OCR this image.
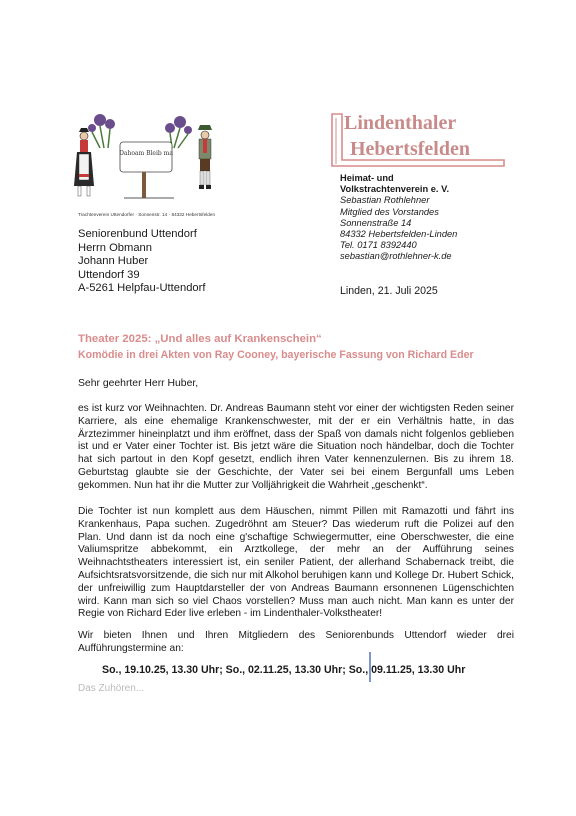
Dahoam Bleib ma
Trachtenverein Uttendorfer · Sonnenstr. 14 · 84332 Hebertsfelden
Seniorenbund Uttendorf
Herrn Obmann
Johann Huber
Uttendorf 39
A-5261 Helpfau-Uttendorf
Lindenthaler
Hebertsfelden
Heimat- und
Volkstrachtenverein e. V.
Sebastian Rothlehner
Mitglied des Vorstandes
Sonnenstraße 14
84332 Hebertsfelden-Linden
Tel. 0171 8392440
sebastian@rothlehner-k.de
Linden, 21. Juli 2025
Theater 2025: „Und alles auf Krankenschein“
Komödie in drei Akten von Ray Cooney, bayerische Fassung von Richard Eder
Sehr geehrter Herr Huber,
es ist kurz vor Weihnachten. Dr. Andreas Baumann steht vor einer der wichtigsten Reden seiner Karriere, als eine ehemalige Krankenschwester, mit der er ein Verhältnis hatte, in das Ärztezimmer hineinplatzt und ihm eröffnet, dass der Spaß von damals nicht folgenlos geblieben ist und er Vater einer Tochter ist. Bis jetzt wäre die Situation noch händelbar, doch die Tochter hat sich partout in den Kopf gesetzt, endlich ihren Vater kennenzulernen. Bis zu ihrem 18. Geburtstag glaubte sie der Geschichte, der Vater sei bei einem Bergunfall ums Leben gekommen. Nun hat ihr die Mutter zur Volljährigkeit die Wahrheit „geschenkt“.
Die Tochter ist nun komplett aus dem Häuschen, nimmt Pillen mit Ramazotti und fährt ins Krankenhaus, Papa suchen. Zugedröhnt am Steuer? Das wiederum ruft die Polizei auf den Plan. Und dann ist da noch eine g'schaftige Schwiegermutter, eine Oberschwester, die eine Valiumspritze abbekommt, ein Arztkollege, der mehr an der Aufführung seines Weihnachtstheaters interessiert ist, ein seniler Patient, der allerhand Schabernack treibt, die Aufsichtsratsvorsitzende, die sich nur mit Alkohol beruhigen kann und Kollege Dr. Hubert Schick, der unfreiwillig zum Hauptdarsteller der von Andreas Baumann ersonnenen Lügenschichten wird. Kann man sich so viel Chaos vorstellen? Muss man auch nicht. Man kann es unter der Regie von Richard Eder live erleben - im Lindenthaler-Volkstheater!
Wir bieten Ihnen und Ihren Mitgliedern des Seniorenbunds Uttendorf wieder drei Aufführungstermine an:
So., 19.10.25, 13.30 Uhr; So., 02.11.25, 13.30 Uhr; So., 09.11.25, 13.30 Uhr
Das Zuhören...
